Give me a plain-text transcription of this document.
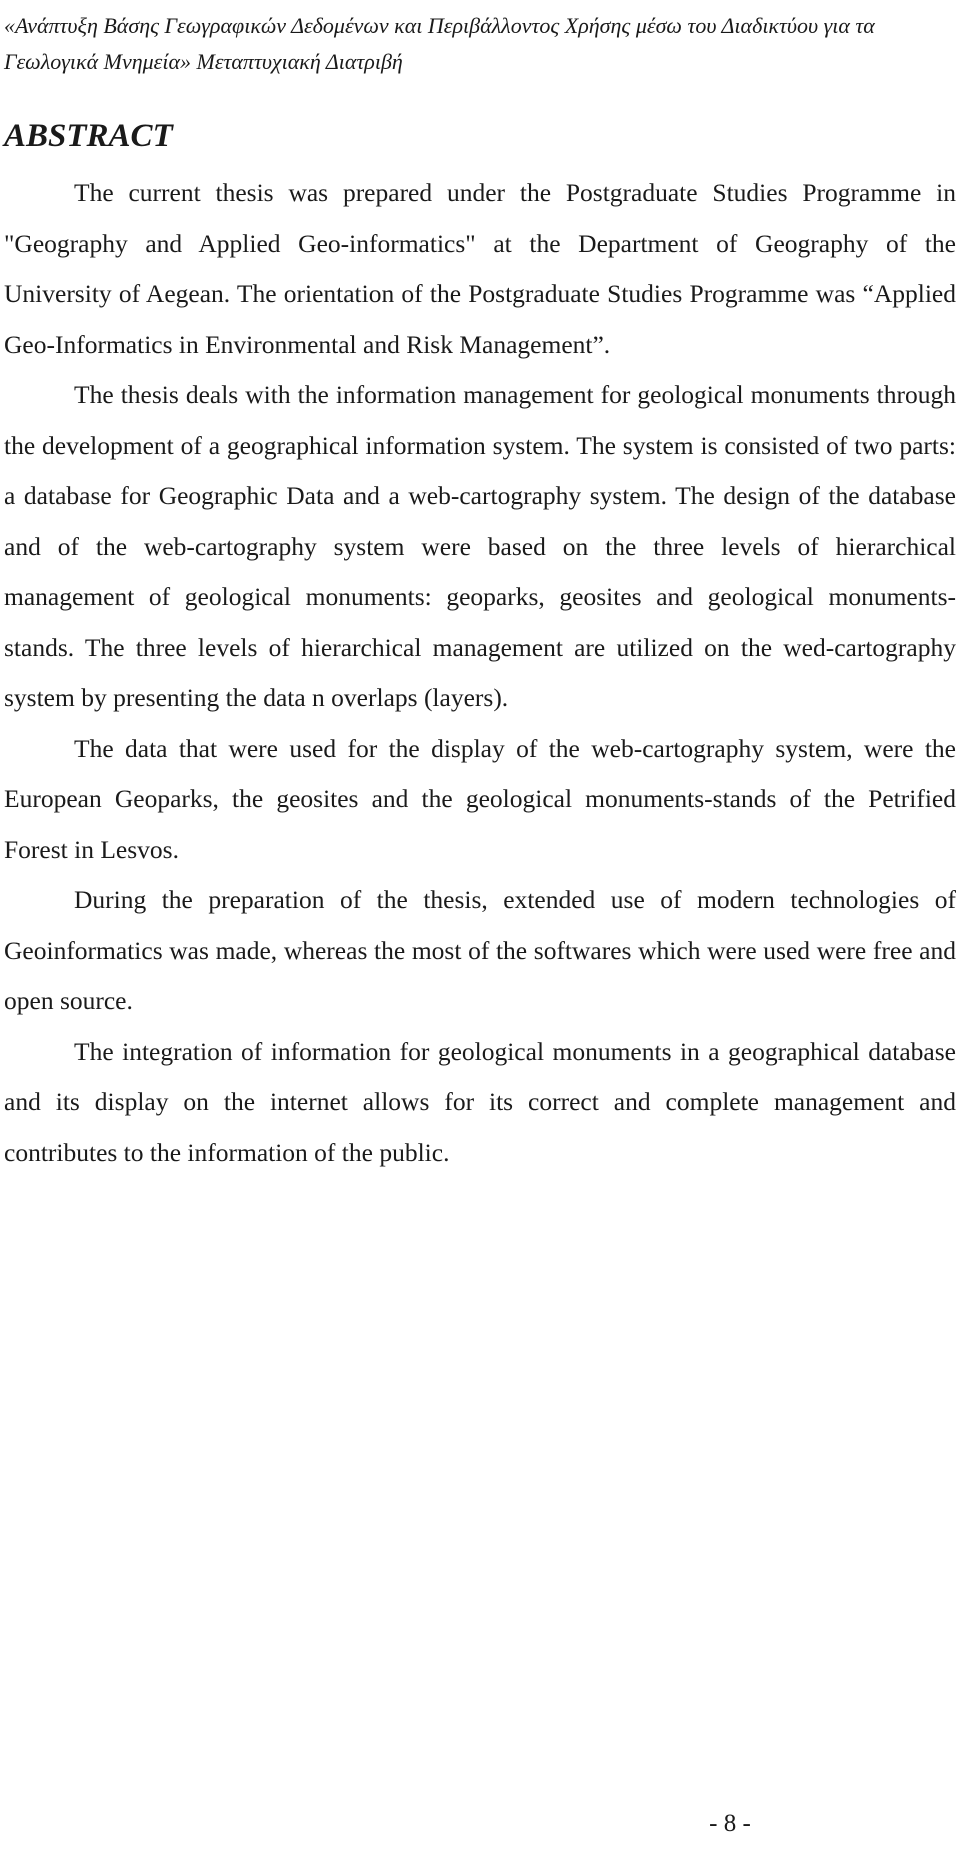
«Ανάπτυξη Βάσης Γεωγραφικών Δεδομένων και Περιβάλλοντος Χρήσης μέσω του Διαδικτύου για τα Γεωλογικά Μνημεία» Μεταπτυχιακή Διατριβή
ABSTRACT

The current thesis was prepared under the Postgraduate Studies Programme in "Geography and Applied Geo-informatics" at the Department of Geography of the University of Aegean. The orientation of the Postgraduate Studies Programme was “Applied Geo-Informatics in Environmental and Risk Management”.

The thesis deals with the information management for geological monuments through the development of a geographical information system. The system is consisted of two parts: a database for Geographic Data and a web-cartography system. The design of the database and of the web-cartography system were based on the three levels of hierarchical management of geological monuments: geoparks, geosites and geological monuments-stands. The three levels of hierarchical management are utilized on the wed-cartography system by presenting the data n overlaps (layers).

The data that were used for the display of the web-cartography system, were the European Geoparks, the geosites and the geological monuments-stands of the Petrified Forest in Lesvos.

During the preparation of the thesis, extended use of modern technologies of Geoinformatics was made, whereas the most of the softwares which were used were free and open source.

The integration of information for geological monuments in a geographical database and its display on the internet allows for its correct and complete management and contributes to the information of the public.

- 8 -
